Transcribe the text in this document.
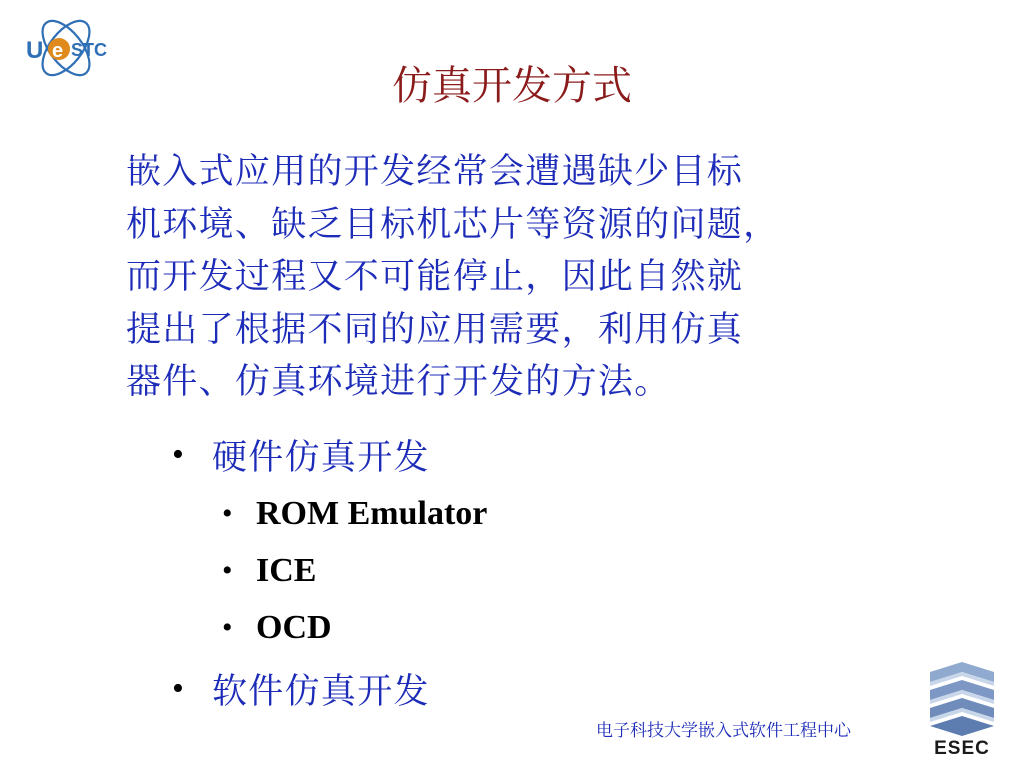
U e STC
仿真开发方式
嵌入式应用的开发经常会遭遇缺少目标
机环境、缺乏目标机芯片等资源的问题，
而开发过程又不可能停止，因此自然就
提出了根据不同的应用需要，利用仿真
器件、仿真环境进行开发的方法。
• 硬件仿真开发
• ROM Emulator
• ICE
• OCD
• 软件仿真开发
电子科技大学嵌入式软件工程中心
ESEC
